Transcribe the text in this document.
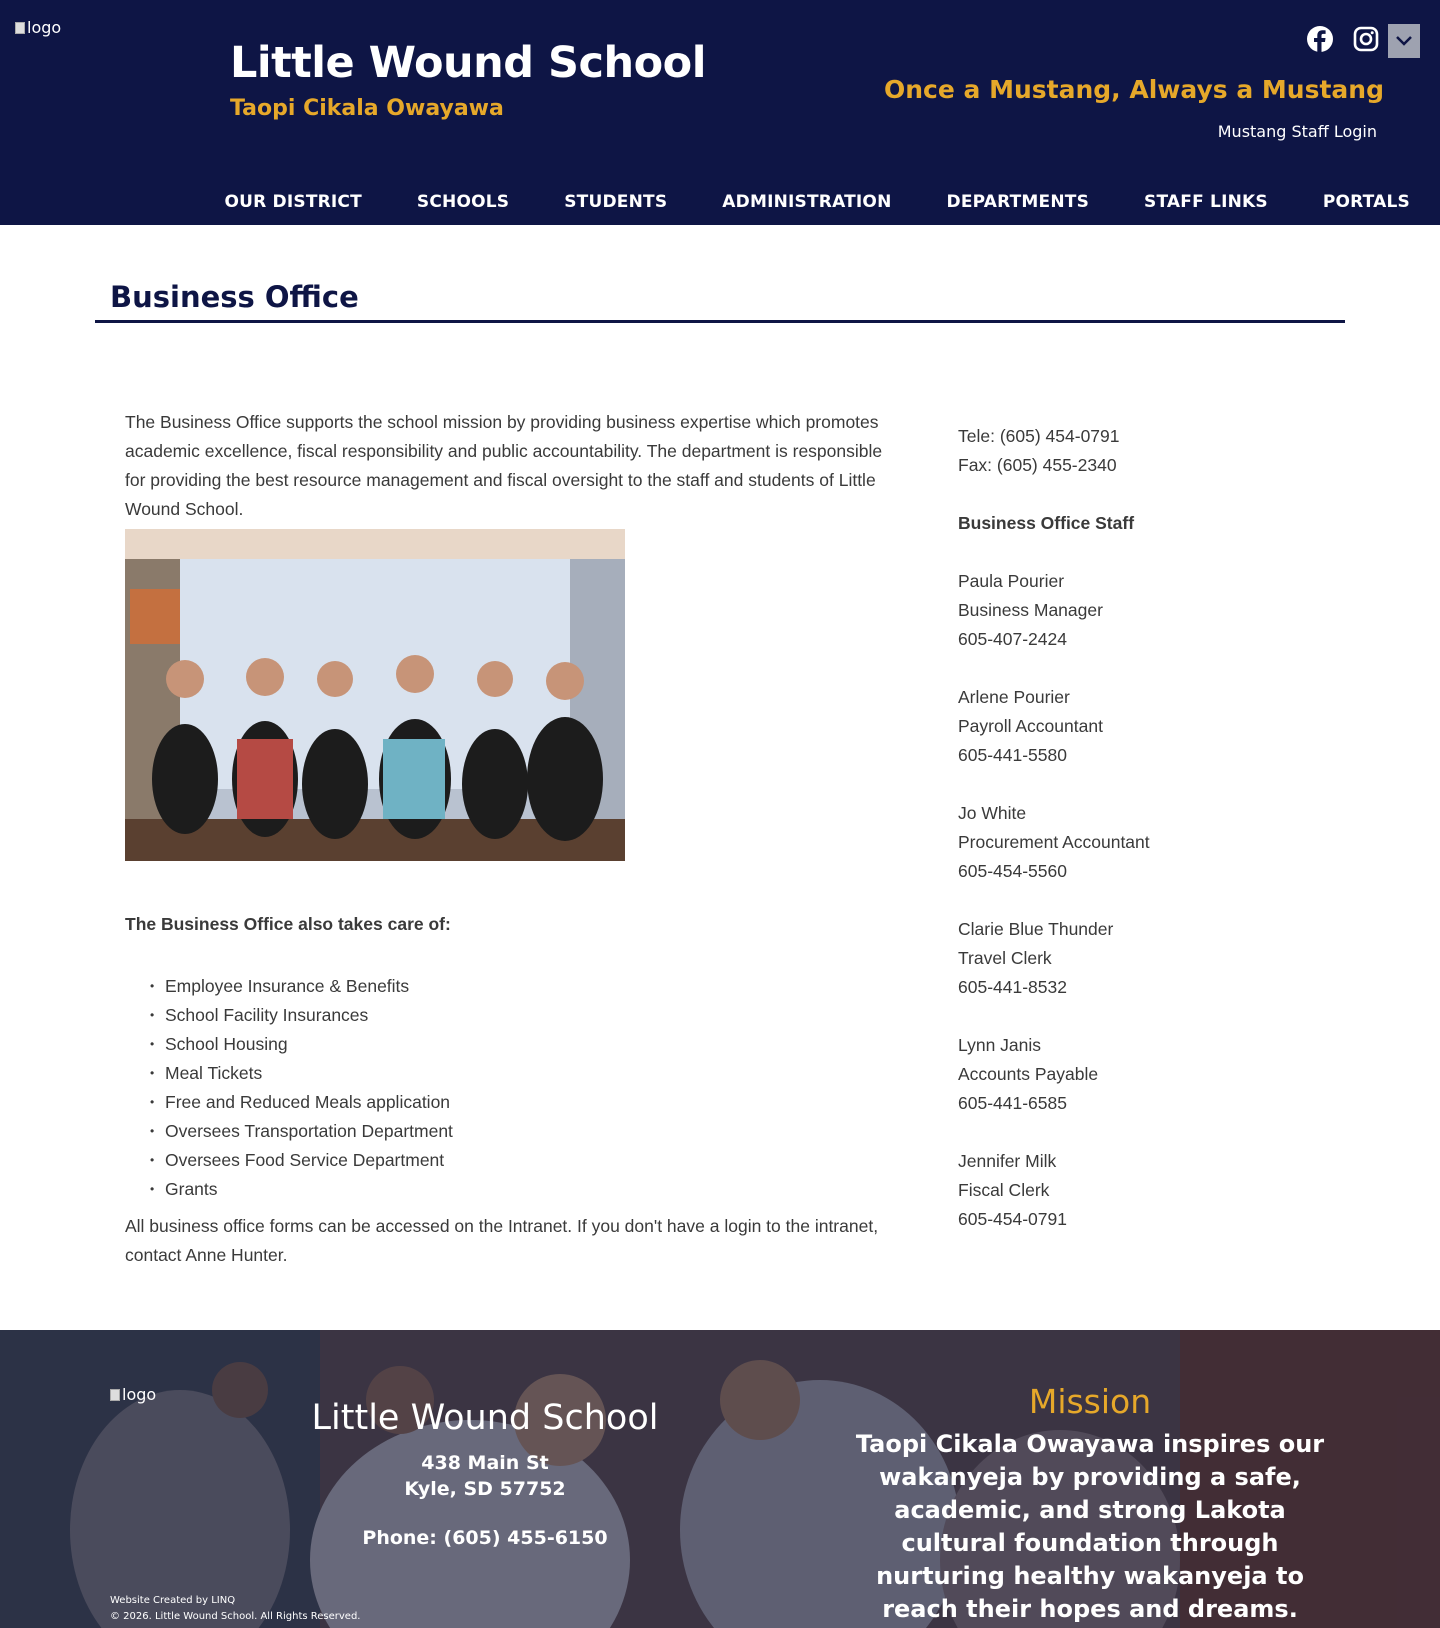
logo
Little Wound School
Taopi Cikala Owayawa
Once a Mustang, Always a Mustang
Mustang Staff Login
OUR DISTRICT	SCHOOLS	STUDENTS	ADMINISTRATION	DEPARTMENTS	STAFF LINKS	PORTALS
Business Office

The Business Office supports the school mission by providing business expertise which promotes academic excellence, fiscal responsibility and public accountability. The department is responsible for providing the best resource management and fiscal oversight to the staff and students of Little Wound School.

The Business Office also takes care of:
• Employee Insurance & Benefits
• School Facility Insurances
• School Housing
• Meal Tickets
• Free and Reduced Meals application
• Oversees Transportation Department
• Oversees Food Service Department
• Grants

All business office forms can be accessed on the Intranet. If you don't have a login to the intranet, contact Anne Hunter.

Tele: (605) 454-0791
Fax: (605) 455-2340
Business Office Staff
Paula Pourier
Business Manager
605-407-2424
Arlene Pourier
Payroll Accountant
605-441-5580
Jo White
Procurement Accountant
605-454-5560
Clarie Blue Thunder
Travel Clerk
605-441-8532
Lynn Janis
Accounts Payable
605-441-6585
Jennifer Milk
Fiscal Clerk
605-454-0791
logo
Little Wound School
438 Main St
Kyle, SD 57752
Phone: (605) 455-6150
Website Created by LINQ
© 2026. Little Wound School. All Rights Reserved.
Mission
Taopi Cikala Owayawa inspires our wakanyeja by providing a safe, academic, and strong Lakota cultural foundation through nurturing healthy wakanyeja to reach their hopes and dreams.
